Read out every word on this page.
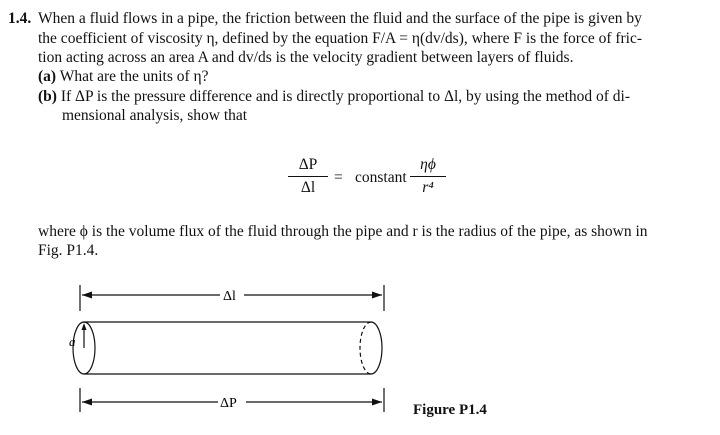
1.4. When a fluid flows in a pipe, the friction between the fluid and the surface of the pipe is given by
the coefficient of viscosity η, defined by the equation F/A = η(dv/ds), where F is the force of fric-
tion acting across an area A and dv/ds is the velocity gradient between layers of fluids.
(a) What are the units of η?
(b) If ΔP is the pressure difference and is directly proportional to Δl, by using the method of di-
mensional analysis, show that
$\frac{\Delta P}{\Delta l}$ = constant $\frac{\eta\phi}{\text{r⁴}}$
where ϕ is the volume flux of the fluid through the pipe and r is the radius of the pipe, as shown in
Fig. P1.4.
Δl
a
ΔP	Figure P1.4
